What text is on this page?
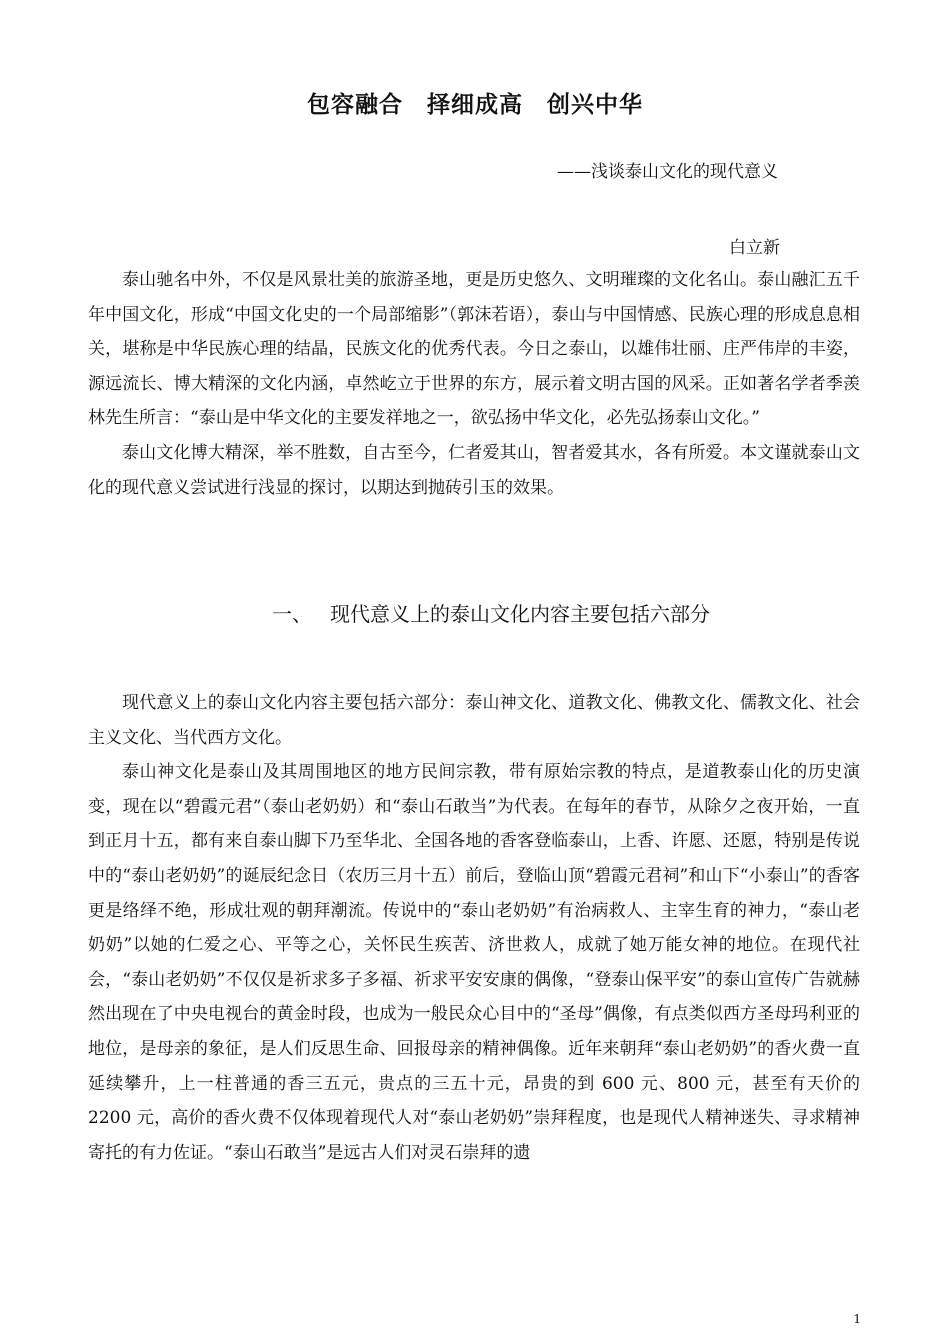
包容融合　择细成高　创兴中华
——浅谈泰山文化的现代意义
白立新

泰山驰名中外，不仅是风景壮美的旅游圣地，更是历史悠久、文明璀璨的文化名山。泰山融汇五千年中国文化，形成“中国文化史的一个局部缩影”（郭沫若语），泰山与中国情感、民族心理的形成息息相关，堪称是中华民族心理的结晶，民族文化的优秀代表。今日之泰山，以雄伟壮丽、庄严伟岸的丰姿，源远流长、博大精深的文化内涵，卓然屹立于世界的东方，展示着文明古国的风采。正如著名学者季羡林先生所言：“泰山是中华文化的主要发祥地之一，欲弘扬中华文化，必先弘扬泰山文化。”

泰山文化博大精深，举不胜数，自古至今，仁者爱其山，智者爱其水，各有所爱。本文谨就泰山文化的现代意义尝试进行浅显的探讨，以期达到抛砖引玉的效果。

一、 现代意义上的泰山文化内容主要包括六部分

现代意义上的泰山文化内容主要包括六部分：泰山神文化、道教文化、佛教文化、儒教文化、社会主义文化、当代西方文化。

泰山神文化是泰山及其周围地区的地方民间宗教，带有原始宗教的特点，是道教泰山化的历史演变，现在以“碧霞元君”（泰山老奶奶）和“泰山石敢当”为代表。在每年的春节，从除夕之夜开始，一直到正月十五，都有来自泰山脚下乃至华北、全国各地的香客登临泰山，上香、许愿、还愿，特别是传说中的“泰山老奶奶”的诞辰纪念日（农历三月十五）前后，登临山顶“碧霞元君祠”和山下“小泰山”的香客更是络绎不绝，形成壮观的朝拜潮流。传说中的“泰山老奶奶”有治病救人、主宰生育的神力，“泰山老奶奶”以她的仁爱之心、平等之心，关怀民生疾苦、济世救人，成就了她万能女神的地位。在现代社会，“泰山老奶奶”不仅仅是祈求多子多福、祈求平安安康的偶像，“登泰山保平安”的泰山宣传广告就赫然出现在了中央电视台的黄金时段，也成为一般民众心目中的“圣母”偶像，有点类似西方圣母玛利亚的地位，是母亲的象征，是人们反思生命、回报母亲的精神偶像。近年来朝拜“泰山老奶奶”的香火费一直延续攀升，上一柱普通的香三五元，贵点的三五十元，昂贵的到 600 元、800 元，甚至有天价的 2200 元，高价的香火费不仅体现着现代人对“泰山老奶奶”崇拜程度，也是现代人精神迷失、寻求精神寄托的有力佐证。“泰山石敢当”是远古人们对灵石崇拜的遗

1
